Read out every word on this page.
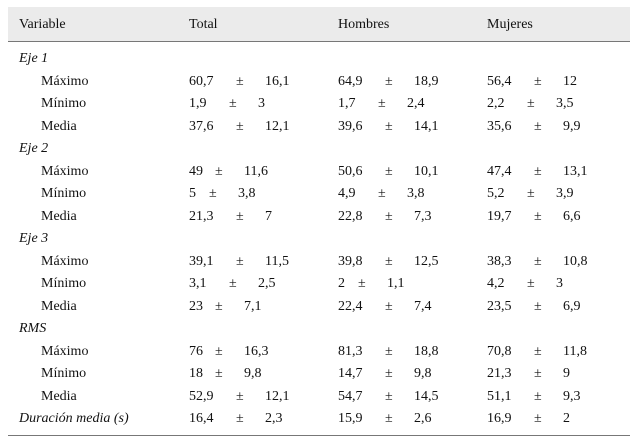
Variable	Total	Hombres	Mujeres
Eje 1
Máximo	60,7 ± 16,1	64,9 ± 18,9	56,4 ± 12
Mínimo	1,9 ± 3	1,7 ± 2,4	2,2 ± 3,5
Media	37,6 ± 12,1	39,6 ± 14,1	35,6 ± 9,9
Eje 2
Máximo	49 ± 11,6	50,6 ± 10,1	47,4 ± 13,1
Mínimo	5 ± 3,8	4,9 ± 3,8	5,2 ± 3,9
Media	21,3 ± 7	22,8 ± 7,3	19,7 ± 6,6
Eje 3
Máximo	39,1 ± 11,5	39,8 ± 12,5	38,3 ± 10,8
Mínimo	3,1 ± 2,5	2 ± 1,1	4,2 ± 3
Media	23 ± 7,1	22,4 ± 7,4	23,5 ± 6,9
RMS
Máximo	76 ± 16,3	81,3 ± 18,8	70,8 ± 11,8
Mínimo	18 ± 9,8	14,7 ± 9,8	21,3 ± 9
Media	52,9 ± 12,1	54,7 ± 14,5	51,1 ± 9,3
Duración media (s)	16,4 ± 2,3	15,9 ± 2,6	16,9 ± 2
